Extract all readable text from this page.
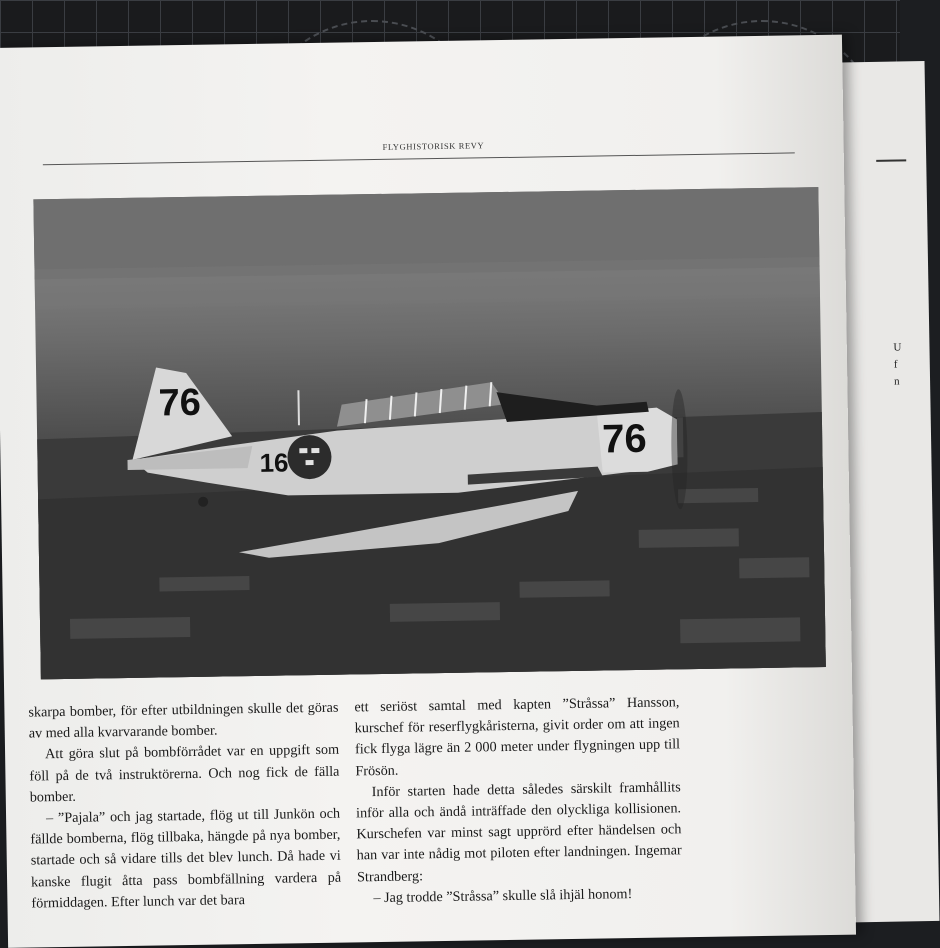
U
f
n
FLYGHISTORISK REVY
76
16
76

skarpa bomber, för efter utbildningen skulle det göras av med alla kvarvarande bomber.

Att göra slut på bombförrådet var en uppgift som föll på de två instruktörerna. Och nog fick de fälla bomber.

– ”Pajala” och jag startade, flög ut till Junkön och fällde bomberna, flög tillbaka, hängde på nya bomber, startade och så vidare tills det blev lunch. Då hade vi kanske flugit åtta pass bombfällning vardera på förmiddagen. Efter lunch var det bara

ett seriöst samtal med kapten ”Stråssa” Hansson, kurschef för reserflygkåristerna, givit order om att ingen fick flyga lägre än 2 000 meter under flygningen upp till Frösön.

Inför starten hade detta således särskilt framhållits inför alla och ändå inträffade den olyckliga kollisionen. Kurschefen var minst sagt upprörd efter händelsen och han var inte nådig mot piloten efter landningen. Ingemar Strandberg:

– Jag trodde ”Stråssa” skulle slå ihjäl honom!
